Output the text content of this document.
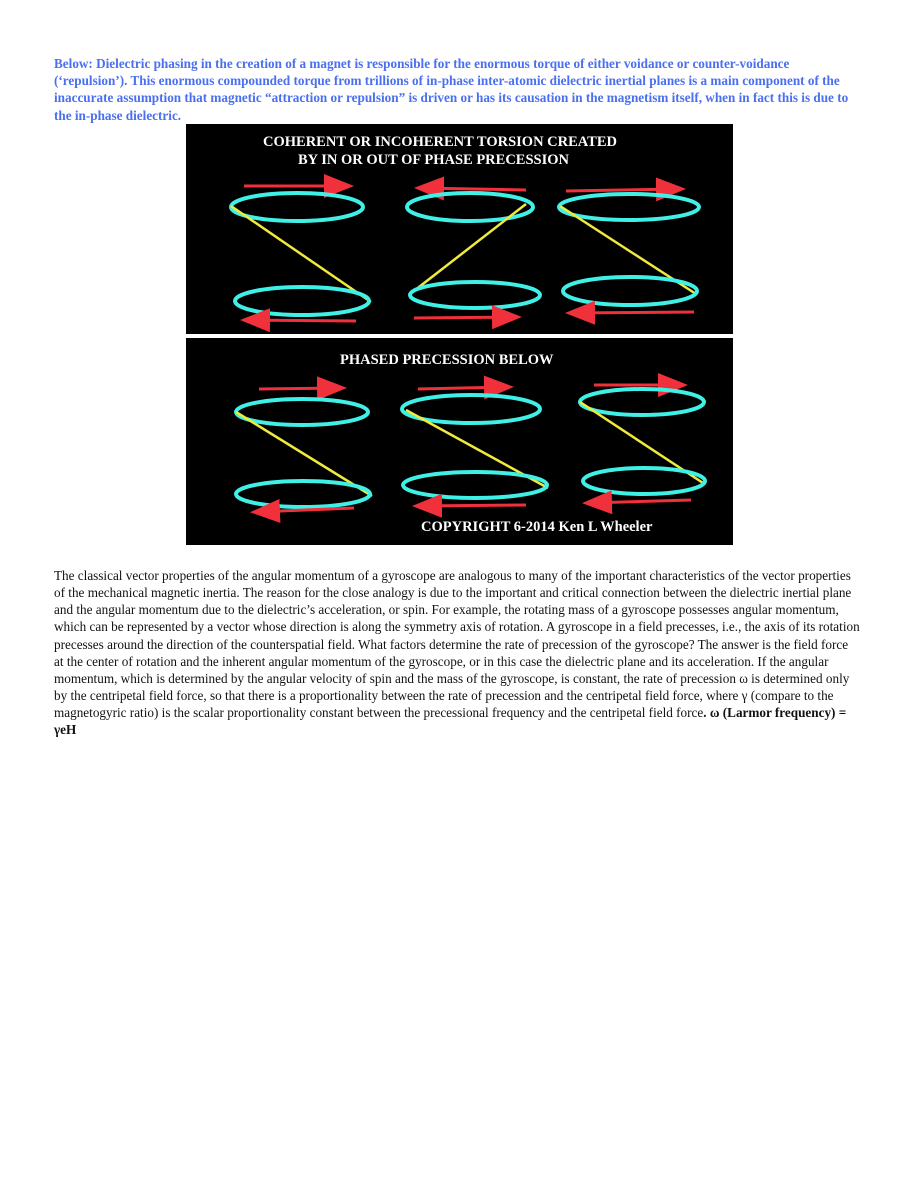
Below: Dielectric phasing in the creation of a magnet is responsible for the enormous torque of either voidance or counter-voidance (‘repulsion’). This enormous compounded torque from trillions of in-phase inter-atomic dielectric inertial planes is a main component of the inaccurate assumption that magnetic “attraction or repulsion” is driven or has its causation in the magnetism itself, when in fact this is due to the in-phase dielectric.

COHERENT OR INCOHERENT TORSION CREATED
BY IN OR OUT OF PHASE PRECESSION
PHASED PRECESSION BELOW
COPYRIGHT 6-2014 Ken L Wheeler

The classical vector properties of the angular momentum of a gyroscope are analogous to many of the important characteristics of the vector properties of the mechanical magnetic inertia. The reason for the close analogy is due to the important and critical connection between the dielectric inertial plane and the angular momentum due to the dielectric’s acceleration, or spin. For example, the rotating mass of a gyroscope possesses angular momentum, which can be represented by a vector whose direction is along the symmetry axis of rotation. A gyroscope in a field precesses, i.e., the axis of its rotation precesses around the direction of the counterspatial field. What factors determine the rate of precession of the gyroscope? The answer is the field force at the center of rotation and the inherent angular momentum of the gyroscope, or in this case the dielectric plane and its acceleration. If the angular momentum, which is determined by the angular velocity of spin and the mass of the gyroscope, is constant, the rate of precession ω is determined only by the centripetal field force, so that there is a proportionality between the rate of precession and the centripetal field force, where γ (compare to the magnetogyric ratio) is the scalar proportionality constant between the precessional frequency and the centripetal field force. ω (Larmor frequency) = γeH
